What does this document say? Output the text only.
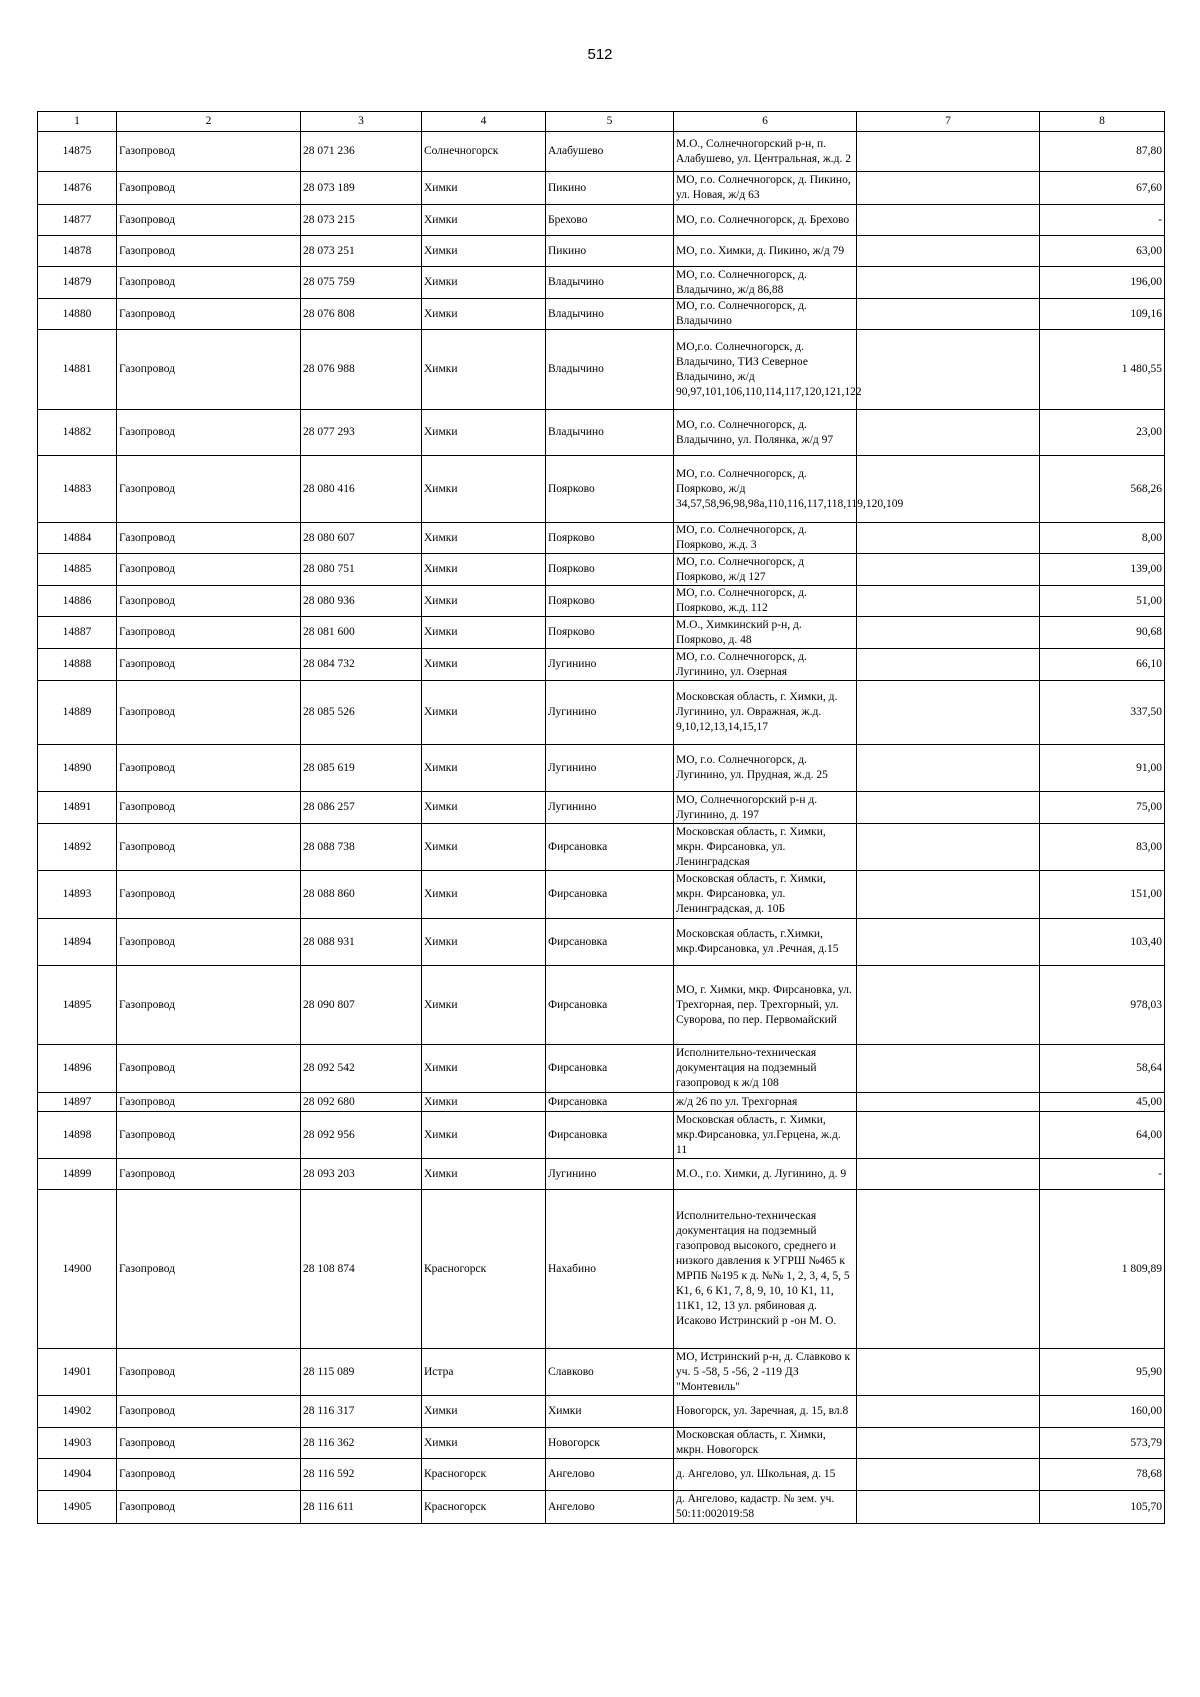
512
1	2	3	4	5	6	7	8
14875	Газопровод	28 071 236	Солнечногорск	Алабушево	М.О., Солнечногорский р-н, п. Алабушево, ул. Центральная, ж.д. 2		87,80
14876	Газопровод	28 073 189	Химки	Пикино	МО, г.о. Солнечногорск, д. Пикино, ул. Новая, ж/д 63		67,60
14877	Газопровод	28 073 215	Химки	Брехово	МО, г.о. Солнечногорск, д. Брехово		-
14878	Газопровод	28 073 251	Химки	Пикино	МО, г.о. Химки, д. Пикино, ж/д 79		63,00
14879	Газопровод	28 075 759	Химки	Владычино	МО, г.о. Солнечногорск, д. Владычино, ж/д 86,88		196,00
14880	Газопровод	28 076 808	Химки	Владычино	МО, г.о. Солнечногорск, д. Владычино		109,16
14881	Газопровод	28 076 988	Химки	Владычино	МО,г.о. Солнечногорск, д. Владычино, ТИЗ Северное Владычино, ж/д 90,97,101,106,110,114,117,120,121,122		1 480,55
14882	Газопровод	28 077 293	Химки	Владычино	МО, г.о. Солнечногорск, д. Владычино, ул. Полянка, ж/д 97		23,00
14883	Газопровод	28 080 416	Химки	Поярково	МО, г.о. Солнечногорск, д. Поярково, ж/д 34,57,58,96,98,98а,110,116,117,118,119,120,109		568,26
14884	Газопровод	28 080 607	Химки	Поярково	МО, г.о. Солнечногорск, д. Поярково, ж.д. 3		8,00
14885	Газопровод	28 080 751	Химки	Поярково	МО, г.о. Солнечногорск, д Поярково, ж/д 127		139,00
14886	Газопровод	28 080 936	Химки	Поярково	МО, г.о. Солнечногорск, д. Поярково, ж.д. 112		51,00
14887	Газопровод	28 081 600	Химки	Поярково	М.О., Химкинский р-н, д. Поярково, д. 48		90,68
14888	Газопровод	28 084 732	Химки	Лугинино	МО, г.о. Солнечногорск, д. Лугинино, ул. Озерная		66,10
14889	Газопровод	28 085 526	Химки	Лугинино	Московская область, г. Химки, д. Лугинино, ул. Овражная, ж.д. 9,10,12,13,14,15,17		337,50
14890	Газопровод	28 085 619	Химки	Лугинино	МО, г.о. Солнечногорск, д. Лугинино, ул. Прудная, ж.д. 25		91,00
14891	Газопровод	28 086 257	Химки	Лугинино	МО, Солнечногорский р-н д. Лугинино, д. 197		75,00
14892	Газопровод	28 088 738	Химки	Фирсановка	Московская область, г. Химки, мкрн. Фирсановка, ул. Ленинградская		83,00
14893	Газопровод	28 088 860	Химки	Фирсановка	Московская область, г. Химки, мкрн. Фирсановка, ул. Ленинградская, д. 10Б		151,00
14894	Газопровод	28 088 931	Химки	Фирсановка	Московская область, г.Химки, мкр.Фирсановка, ул .Речная, д.15		103,40
14895	Газопровод	28 090 807	Химки	Фирсановка	МО, г. Химки, мкр. Фирсановка, ул. Трехгорная, пер. Трехгорный, ул. Суворова, по пер. Первомайский		978,03
14896	Газопровод	28 092 542	Химки	Фирсановка	Исполнительно-техническая документация на подземный газопровод к ж/д 108		58,64
14897	Газопровод	28 092 680	Химки	Фирсановка	ж/д 26 по ул. Трехгорная		45,00
14898	Газопровод	28 092 956	Химки	Фирсановка	Московская область, г. Химки, мкр.Фирсановка, ул.Герцена, ж.д. 11		64,00
14899	Газопровод	28 093 203	Химки	Лугинино	М.О., г.о. Химки, д. Лугинино, д. 9		-
14900	Газопровод	28 108 874	Красногорск	Нахабино	Исполнительно-техническая документация на подземный газопровод высокого, среднего и низкого давления к УГРШ №465 к МРПБ №195 к д. №№ 1, 2, 3, 4, 5, 5 К1, 6, 6 К1, 7, 8, 9, 10, 10 К1, 11, 11К1, 12, 13 ул. рябиновая д. Исаково Истринский р -он М. О.		1 809,89
14901	Газопровод	28 115 089	Истра	Славково	МО, Истринский р-н, д. Славково к уч. 5 -58, 5 -56, 2 -119 ДЗ "Монтевиль"		95,90
14902	Газопровод	28 116 317	Химки	Химки	Новогорск, ул. Заречная, д. 15, вл.8		160,00
14903	Газопровод	28 116 362	Химки	Новогорск	Московская область, г. Химки, мкрн. Новогорск		573,79
14904	Газопровод	28 116 592	Красногорск	Ангелово	д. Ангелово, ул. Школьная, д. 15		78,68
14905	Газопровод	28 116 611	Красногорск	Ангелово	д. Ангелово, кадастр. № зем. уч. 50:11:002019:58		105,70
